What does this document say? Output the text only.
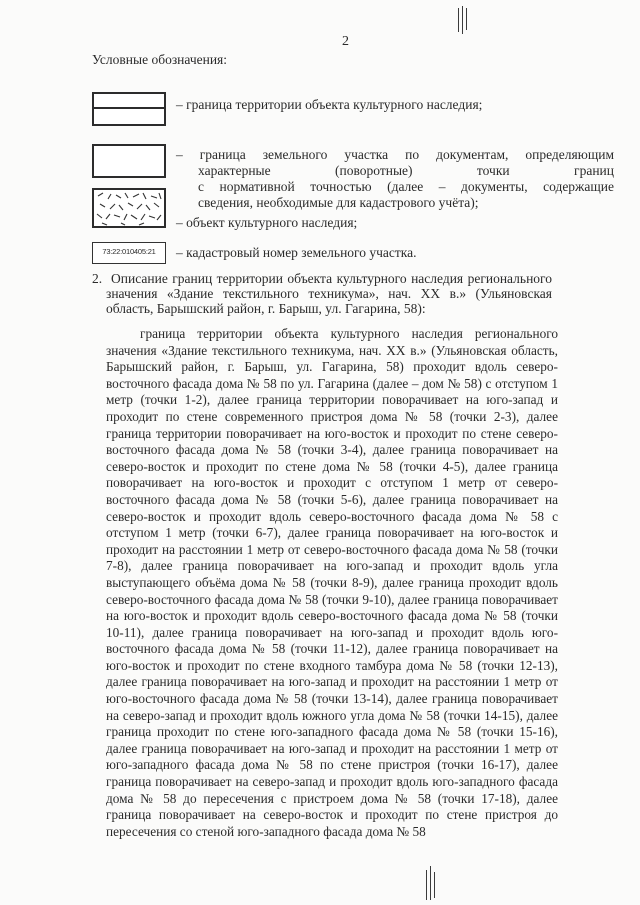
2
Условные обозначения:

– граница территории объекта культурного наследия;

– граница земельного участка по документам, определяющим

характерные (поворотные) точки границ

с нормативной точностью (далее – документы, содержащие

сведения, необходимые для кадастрового учёта);

– объект культурного наследия;

73:22:010405:21	– кадастровый номер земельного участка.

2. Описание границ территории объекта культурного наследия регионального значения «Здание текстильного техникума», нач. XX в.» (Ульяновская область, Барышский район, г. Барыш, ул. Гагарина, 58):

граница территории объекта культурного наследия регионального значения «Здание текстильного техникума, нач. XX в.» (Ульяновская область, Барышский район, г. Барыш, ул. Гагарина, 58) проходит вдоль северо-восточного фасада дома № 58 по ул. Гагарина (далее – дом № 58) с отступом 1 метр (точки 1-2), далее граница территории поворачивает на юго-запад и проходит по стене современного пристроя дома № 58 (точки 2-3), далее граница территории поворачивает на юго-восток и проходит по стене северо-восточного фасада дома № 58 (точки 3-4), далее граница поворачивает на северо-восток и проходит по стене дома № 58 (точки 4-5), далее граница поворачивает на юго-восток и проходит с отступом 1 метр от северо-восточного фасада дома № 58 (точки 5-6), далее граница поворачивает на северо-восток и проходит вдоль северо-восточного фасада дома № 58 с отступом 1 метр (точки 6-7), далее граница поворачивает на юго-восток и проходит на расстоянии 1 метр от северо-восточного фасада дома № 58 (точки 7-8), далее граница поворачивает на юго-запад и проходит вдоль угла выступающего объёма дома № 58 (точки 8-9), далее граница проходит вдоль северо-восточного фасада дома № 58 (точки 9-10), далее граница поворачивает на юго-восток и проходит вдоль северо-восточного фасада дома № 58 (точки 10-11), далее граница поворачивает на юго-запад и проходит вдоль юго-восточного фасада дома № 58 (точки 11-12), далее граница поворачивает на юго-восток и проходит по стене входного тамбура дома № 58 (точки 12-13), далее граница поворачивает на юго-запад и проходит на расстоянии 1 метр от юго-восточного фасада дома № 58 (точки 13-14), далее граница поворачивает на северо-запад и проходит вдоль южного угла дома № 58 (точки 14-15), далее граница проходит по стене юго-западного фасада дома № 58 (точки 15-16), далее граница поворачивает на юго-запад и проходит на расстоянии 1 метр от юго-западного фасада дома № 58 по стене пристроя (точки 16-17), далее граница поворачивает на северо-запад и проходит вдоль юго-западного фасада дома № 58 до пересечения с пристроем дома № 58 (точки 17-18), далее граница поворачивает на северо-восток и проходит по стене пристроя до пересечения со стеной юго-западного фасада дома № 58
